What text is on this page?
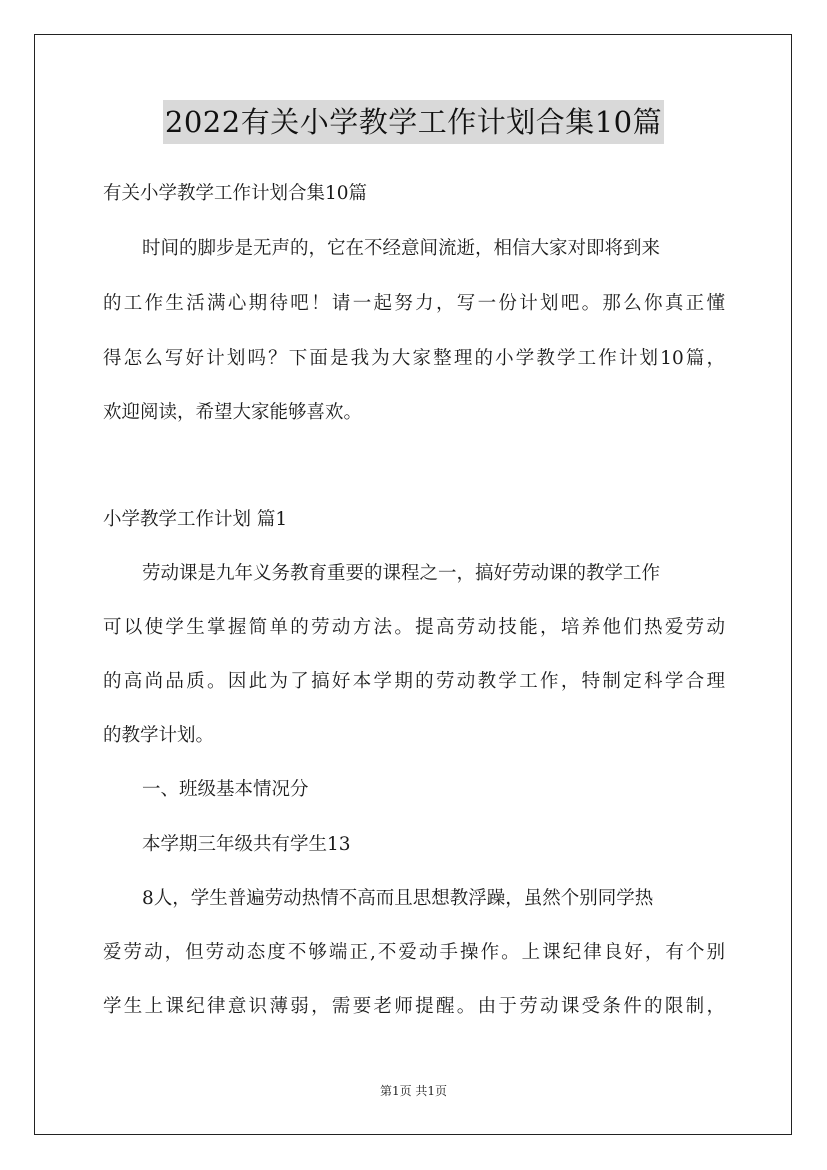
2022有关小学教学工作计划合集10篇
有关小学教学工作计划合集10篇
时间的脚步是无声的，它在不经意间流逝，相信大家对即将到来
的工作生活满心期待吧！请一起努力，写一份计划吧。那么你真正懂
得怎么写好计划吗？下面是我为大家整理的小学教学工作计划10篇，
欢迎阅读，希望大家能够喜欢。
小学教学工作计划 篇1
劳动课是九年义务教育重要的课程之一，搞好劳动课的教学工作
可以使学生掌握简单的劳动方法。提高劳动技能，培养他们热爱劳动
的高尚品质。因此为了搞好本学期的劳动教学工作，特制定科学合理
的教学计划。
一、班级基本情况分
本学期三年级共有学生13
8人，学生普遍劳动热情不高而且思想教浮躁，虽然个别同学热
爱劳动，但劳动态度不够端正,不爱动手操作。上课纪律良好，有个别
学生上课纪律意识薄弱，需要老师提醒。由于劳动课受条件的限制，
第1页 共1页
